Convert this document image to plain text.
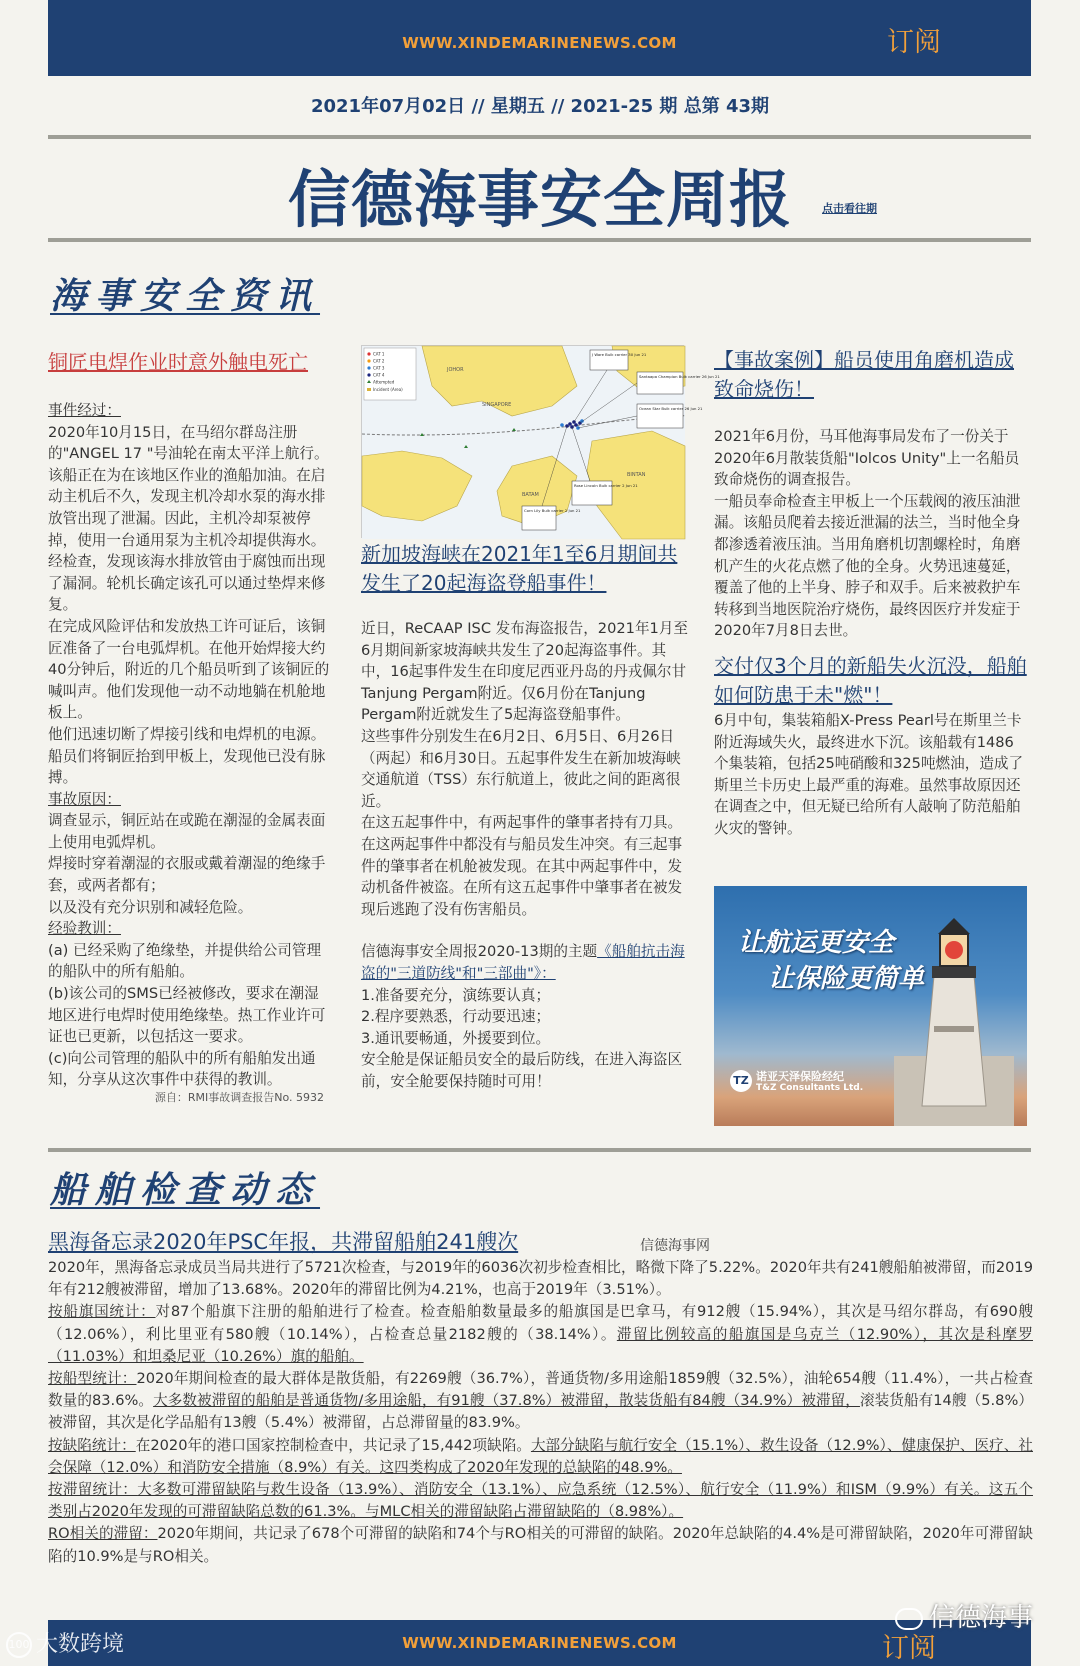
WWW.XINDEMARINENEWS.COM	订阅
2021年07月02日 // 星期五 // 2021-25 期 总第 43期
信德海事安全周报	点击看往期
海事安全资讯
铜匠电焊作业时意外触电死亡
事件经过：
2020年10月15日，在马绍尔群岛注册的"ANGEL 17 "号油轮在南太平洋上航行。该船正在为在该地区作业的渔船加油。在启动主机后不久，发现主机冷却水泵的海水排放管出现了泄漏。因此，主机冷却泵被停掉，使用一台通用泵为主机冷却提供海水。经检查，发现该海水排放管由于腐蚀而出现了漏洞。轮机长确定该孔可以通过垫焊来修复。
在完成风险评估和发放热工许可证后，该铜匠准备了一台电弧焊机。在他开始焊接大约40分钟后，附近的几个船员听到了该铜匠的喊叫声。他们发现他一动不动地躺在机舱地板上。
他们迅速切断了焊接引线和电焊机的电源。船员们将铜匠抬到甲板上，发现他已没有脉搏。
事故原因：
调查显示，铜匠站在或跪在潮湿的金属表面上使用电弧焊机。
焊接时穿着潮湿的衣服或戴着潮湿的绝缘手套，或两者都有；
以及没有充分识别和减轻危险。
经验教训：
(a) 已经采购了绝缘垫，并提供给公司管理的船队中的所有船舶。
(b)该公司的SMS已经被修改，要求在潮湿地区进行电焊时使用绝缘垫。热工作业许可证也已更新，以包括这一要求。
(c)向公司管理的船队中的所有船舶发出通知，分享从这次事件中获得的教训。
源自：RMI事故调查报告No. 5932
CAT 1
CAT 2
CAT 3
CAT 4
Attempted
Incident (Area)
SINGAPORE
JOHOR
BATAM
BINTAN
J Ware Bulk carrier 30 Jun 21
Santaapa Champion Bulk carrier 26 Jun 21
Ocean Star Bulk carrier 26 Jun 21
Corn Lily Bulk carrier 2 Jun 21
Rose Lincoln Bulk carrier 2 Jun 21
新加坡海峡在2021年1至6月期间共发生了20起海盗登船事件！
近日，ReCAAP ISC 发布海盗报告，2021年1月至6月期间新家坡海峡共发生了20起海盗事件。其中，16起事件发生在印度尼西亚丹岛的丹戎佩尔甘Tanjung Pergam附近。仅6月份在Tanjung Pergam附近就发生了5起海盗登船事件。
这些事件分别发生在6月2日、6月5日、6月26日（两起）和6月30日。五起事件发生在新加坡海峡交通航道（TSS）东行航道上，彼此之间的距离很近。
在这五起事件中，有两起事件的肇事者持有刀具。在这两起事件中都没有与船员发生冲突。有三起事件的肇事者在机舱被发现。在其中两起事件中，发动机备件被盗。在所有这五起事件中肇事者在被发现后逃跑了没有伤害船员。
信德海事安全周报2020-13期的主题《船舶抗击海盗的"三道防线"和"三部曲"》：
1.准备要充分，演练要认真；
2.程序要熟悉，行动要迅速；
3.通讯要畅通，外援要到位。
安全舱是保证船员安全的最后防线，在进入海盗区前，安全舱要保持随时可用！
【事故案例】船员使用角磨机造成致命烧伤！
2021年6月份，马耳他海事局发布了一份关于2020年6月散装货船"Iolcos Unity"上一名船员致命烧伤的调查报告。
一船员奉命检查主甲板上一个压载阀的液压油泄漏。该船员爬着去接近泄漏的法兰，当时他全身都渗透着液压油。当用角磨机切割螺栓时，角磨机产生的火花点燃了他的全身。火势迅速蔓延，覆盖了他的上半身、脖子和双手。后来被救护车转移到当地医院治疗烧伤，最终因医疗并发症于2020年7月8日去世。
交付仅3个月的新船失火沉没，船舶如何防患于未"燃"！
6月中旬，集装箱船X-Press Pearl号在斯里兰卡附近海域失火，最终进水下沉。该船载有1486个集装箱，包括25吨硝酸和325吨燃油，造成了斯里兰卡历史上最严重的海难。虽然事故原因还在调查之中，但无疑已给所有人敲响了防范船舶火灾的警钟。
让航运更安全
让保险更简单
TZ 诺亚天泽保险经纪
T&Z Consultants Ltd.
船舶检查动态
黑海备忘录2020年PSC年报，共滞留船舶241艘次	信德海事网
2020年，黑海备忘录成员当局共进行了5721次检查，与2019年的6036次初步检查相比，略微下降了5.22%。2020年共有241艘船舶被滞留，而2019年有212艘被滞留，增加了13.68%。2020年的滞留比例为4.21%，也高于2019年（3.51%）。
按船旗国统计：对87个船旗下注册的船舶进行了检查。检查船舶数量最多的船旗国是巴拿马，有912艘（15.94%），其次是马绍尔群岛，有690艘（12.06%），利比里亚有580艘（10.14%），占检查总量2182艘的（38.14%）。滞留比例较高的船旗国是乌克兰（12.90%），其次是科摩罗（11.03%）和坦桑尼亚（10.26%）旗的船舶。
按船型统计：2020年期间检查的最大群体是散货船，有2269艘（36.7%），普通货物/多用途船1859艘（32.5%），油轮654艘（11.4%），一共占检查数量的83.6%。大多数被滞留的船舶是普通货物/多用途船，有91艘（37.8%）被滞留，散装货船有84艘（34.9%）被滞留，滚装货船有14艘（5.8%）被滞留，其次是化学品船有13艘（5.4%）被滞留，占总滞留量的83.9%。
按缺陷统计：在2020年的港口国家控制检查中，共记录了15,442项缺陷。大部分缺陷与航行安全（15.1%）、救生设备（12.9%）、健康保护、医疗、社会保障（12.0%）和消防安全措施（8.9%）有关。这四类构成了2020年发现的总缺陷的48.9%。
按滞留统计：大多数可滞留缺陷与救生设备（13.9%）、消防安全（13.1%）、应急系统（12.5%）、航行安全（11.9%）和ISM（9.9%）有关。这五个类别占2020年发现的可滞留缺陷总数的61.3%。与MLC相关的滞留缺陷占滞留缺陷的（8.98%）。
RO相关的滞留：2020年期间，共记录了678个可滞留的缺陷和74个与RO相关的可滞留的缺陷。2020年总缺陷的4.4%是可滞留缺陷，2020年可滞留缺陷的10.9%是与RO相关。
WWW.XINDEMARINENEWS.COM	订阅
100 大数跨境
信德海事
